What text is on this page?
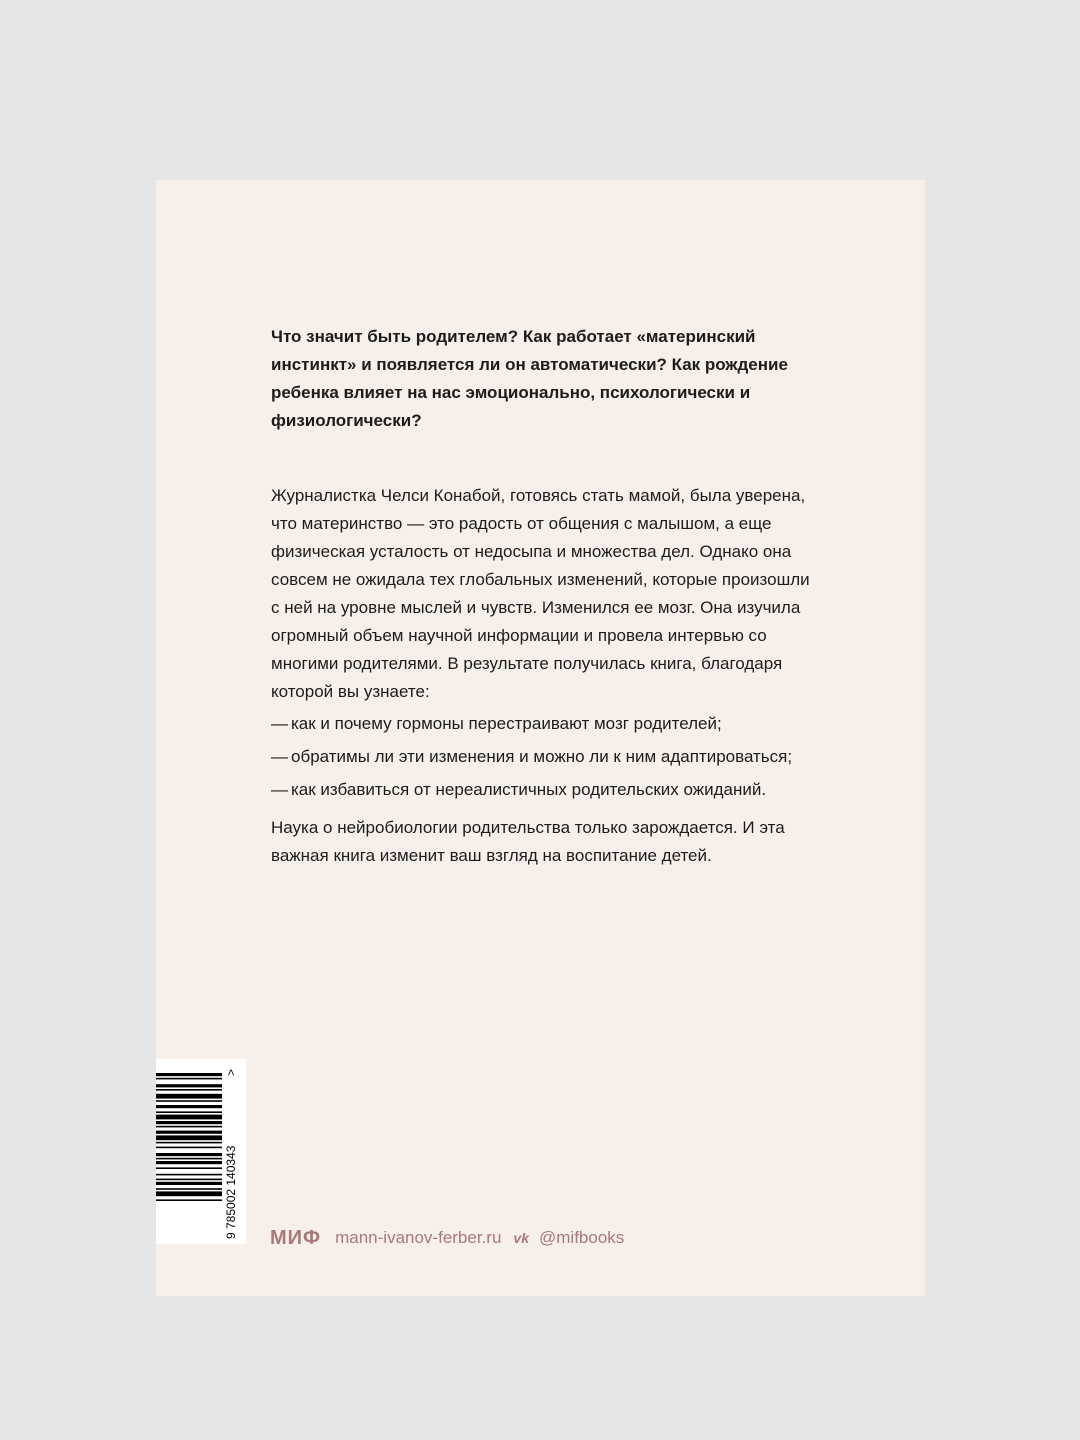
Что значит быть родителем? Как работает «материнский инстинкт» и появляется ли он автоматически? Как рождение ребенка влияет на нас эмоционально, психологически и физиологически?

Журналистка Челси Конабой, готовясь стать мамой, была уверена, что материнство — это радость от общения с малышом, а еще физическая усталость от недосыпа и множества дел. Однако она совсем не ожидала тех глобальных изменений, которые произошли с ней на уровне мыслей и чувств. Изменился ее мозг. Она изучила огромный объем научной информации и провела интервью со многими родителями. В результате получилась книга, благодаря которой вы узнаете:

— как и почему гормоны перестраивают мозг родителей;
— обратимы ли эти изменения и можно ли к ним адаптироваться;
— как избавиться от нереалистичных родительских ожиданий.

Наука о нейробиологии родительства только зарождается. И эта важная книга изменит ваш взгляд на воспитание детей.

9 785002 140343
>
МИФ mann-ivanov-ferber.ru vk @mifbooks
